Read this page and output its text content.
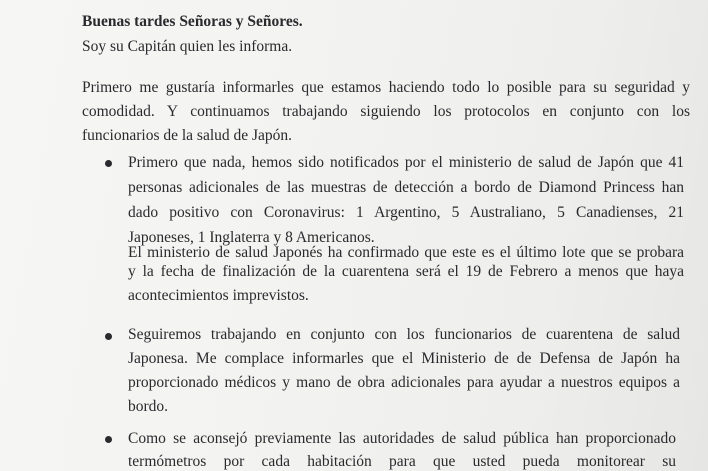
Buenas tardes Señoras y Señores.
Soy su Capitán quien les informa.
Primero me gustaría informarles que estamos haciendo todo lo posible para su seguridad y
comodidad. Y continuamos trabajando siguiendo los protocolos en conjunto con los
funcionarios de la salud de Japón.
Primero que nada, hemos sido notificados por el ministerio de salud de Japón que 41
personas adicionales de las muestras de detección a bordo de Diamond Princess han
dado positivo con Coronavirus: 1 Argentino, 5 Australiano, 5 Canadienses, 21
Japoneses, 1 Inglaterra y 8 Americanos.
El ministerio de salud Japonés ha confirmado que este es el último lote que se probara
y la fecha de finalización de la cuarentena será el 19 de Febrero a menos que haya
acontecimientos imprevistos.
Seguiremos trabajando en conjunto con los funcionarios de cuarentena de salud
Japonesa. Me complace informarles que el Ministerio de de Defensa de Japón ha
proporcionado médicos y mano de obra adicionales para ayudar a nuestros equipos a
bordo.
Como se aconsejó previamente las autoridades de salud pública han proporcionado
termómetros por cada habitación para que usted pueda monitorear su
